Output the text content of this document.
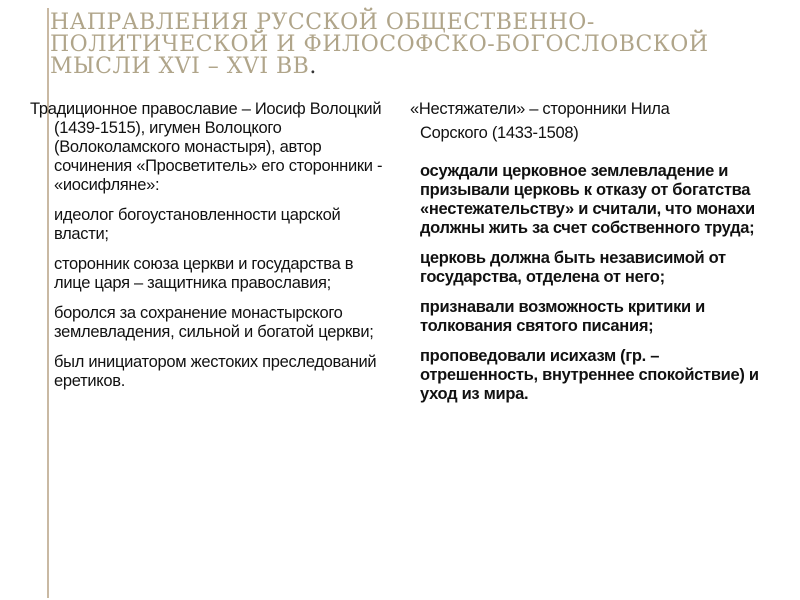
НАПРАВЛЕНИЯ РУССКОЙ ОБЩЕСТВЕННО-ПОЛИТИЧЕСКОЙ И ФИЛОСОФСКО-БОГОСЛОВСКОЙ МЫСЛИ XVI – XVI ВВ.

Традиционное православие – Иосиф Волоцкий (1439-1515), игумен Волоцкого (Волоколамского монастыря), автор сочинения «Просветитель» его сторонники - «иосифляне»:

идеолог богоустановленности царской власти;

сторонник союза церкви и государства в лице царя – защитника православия;

боролся за сохранение монастырского землевладения, сильной и богатой церкви;

был инициатором жестоких преследований еретиков.

«Нестяжатели» – сторонники Нила

Сорского (1433-1508)

осуждали церковное землевладение и призывали церковь к отказу от богатства «нестежательству» и считали, что монахи должны жить за счет собственного труда;

церковь должна быть независимой от государства, отделена от него;

признавали возможность критики и толкования святого писания;

проповедовали исихазм (гр. – отрешенность, внутреннее спокойствие) и уход из мира.
